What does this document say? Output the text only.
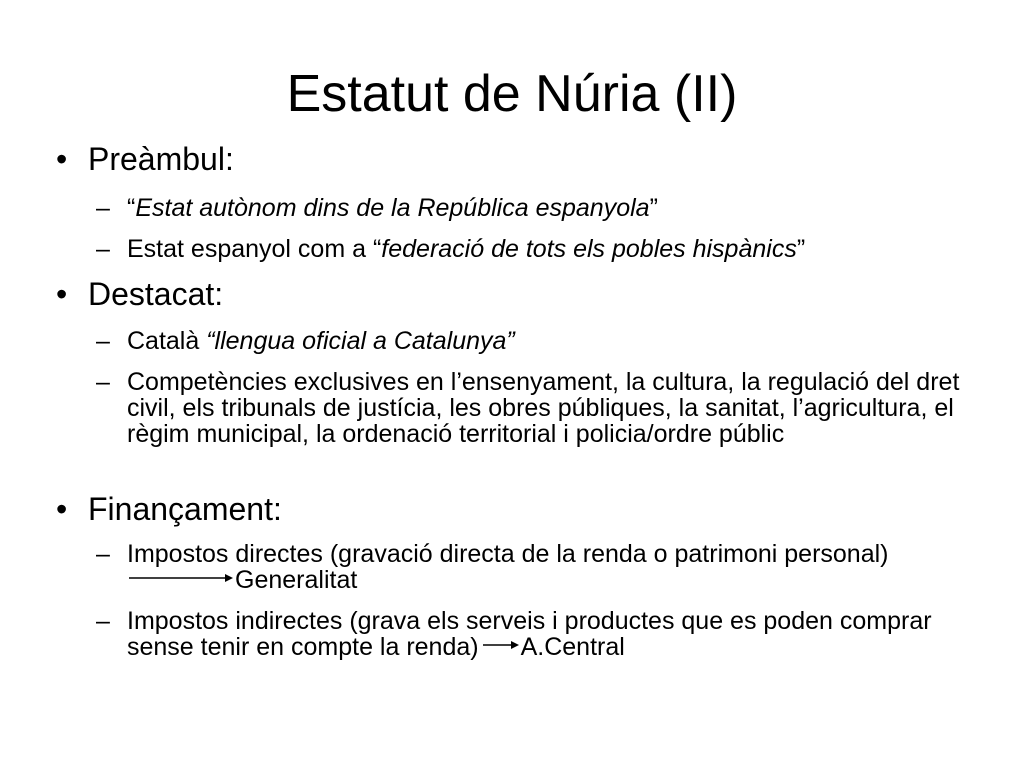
Estatut de Núria (II)
• Preàmbul:
– “Estat autònom dins de la República espanyola”
– Estat espanyol com a “federació de tots els pobles hispànics”
• Destacat:
– Català “llengua oficial a Catalunya”
– Competències exclusives en l’ensenyament, la cultura, la regulació del dret civil, els tribunals de justícia, les obres públiques, la sanitat, l’agricultura, el règim municipal, la ordenació territorial i policia/ordre públic
• Finançament:
– Impostos directes (gravació directa de la renda o patrimoni personal)Generalitat
– Impostos indirectes (grava els serveis i productes que es poden comprar sense tenir en compte la renda) A.Central
